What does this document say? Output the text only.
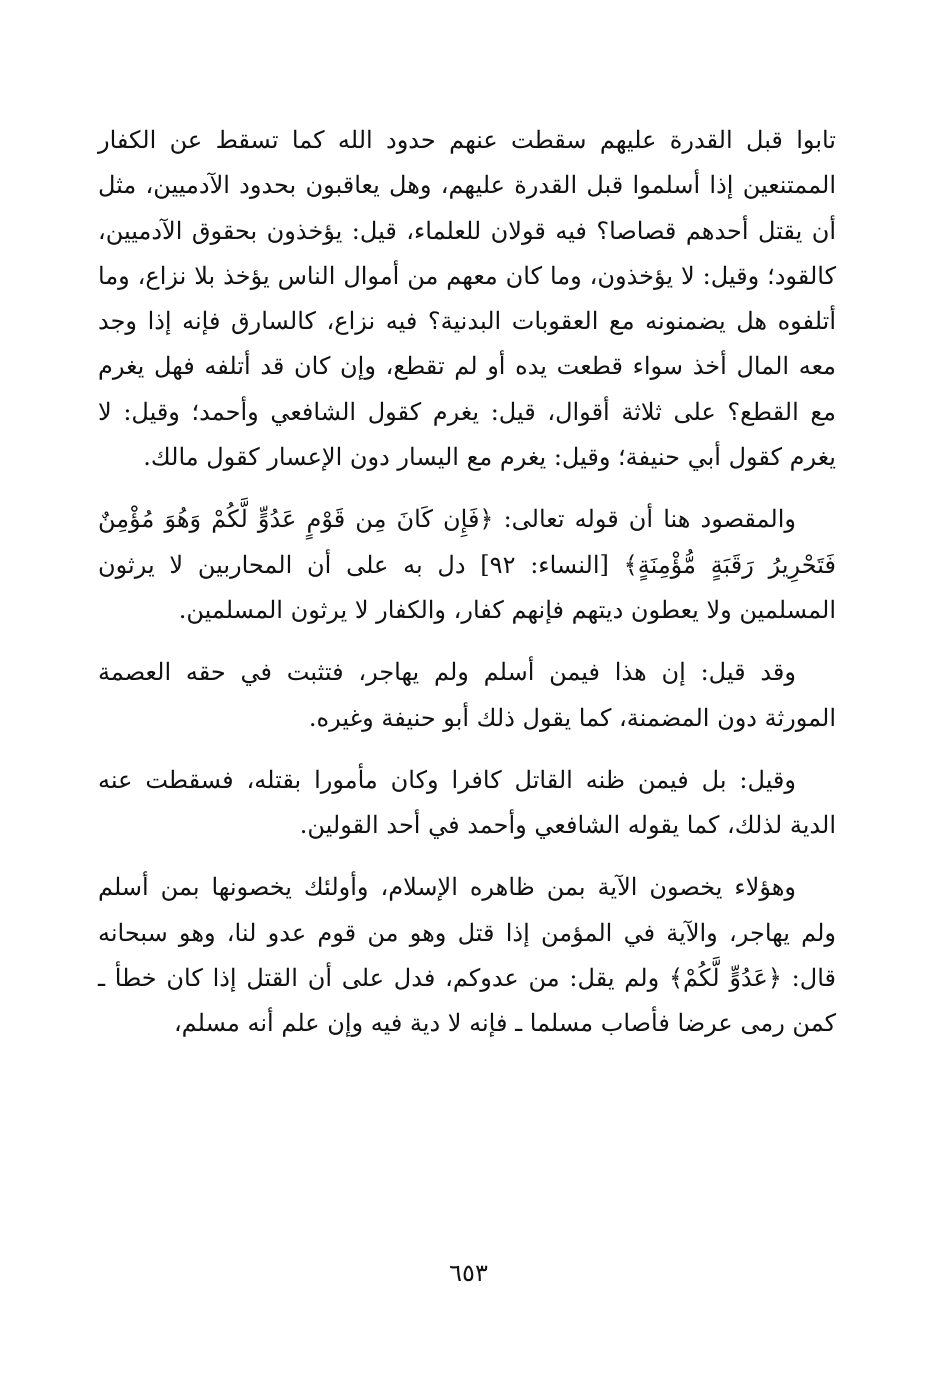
تابوا قبل القدرة عليهم سقطت عنهم حدود الله كما تسقط عن الكفار الممتنعين إذا أسلموا قبل القدرة عليهم، وهل يعاقبون بحدود الآدميين، مثل أن يقتل أحدهم قصاصا؟ فيه قولان للعلماء، قيل: يؤخذون بحقوق الآدميين، كالقود؛ وقيل: لا يؤخذون، وما كان معهم من أموال الناس يؤخذ بلا نزاع، وما أتلفوه هل يضمنونه مع العقوبات البدنية؟ فيه نزاع، كالسارق فإنه إذا وجد معه المال أخذ سواء قطعت يده أو لم تقطع، وإن كان قد أتلفه فهل يغرم مع القطع؟ على ثلاثة أقوال، قيل: يغرم كقول الشافعي وأحمد؛ وقيل: لا يغرم كقول أبي حنيفة؛ وقيل: يغرم مع اليسار دون الإعسار كقول مالك.

والمقصود هنا أن قوله تعالى: ﴿فَإِن كَانَ مِن قَوْمٍ عَدُوٍّ لَّكُمْ وَهُوَ مُؤْمِنٌ فَتَحْرِيرُ رَقَبَةٍ مُّؤْمِنَةٍ﴾ [النساء: ٩٢] دل به على أن المحاربين لا يرثون المسلمين ولا يعطون ديتهم فإنهم كفار، والكفار لا يرثون المسلمين.

وقد قيل: إن هذا فيمن أسلم ولم يهاجر، فتثبت في حقه العصمة المورثة دون المضمنة، كما يقول ذلك أبو حنيفة وغيره.

وقيل: بل فيمن ظنه القاتل كافرا وكان مأمورا بقتله، فسقطت عنه الدية لذلك، كما يقوله الشافعي وأحمد في أحد القولين.

وهؤلاء يخصون الآية بمن ظاهره الإسلام، وأولئك يخصونها بمن أسلم ولم يهاجر، والآية في المؤمن إذا قتل وهو من قوم عدو لنا، وهو سبحانه قال: ﴿عَدُوٍّ لَّكُمْ﴾ ولم يقل: من عدوكم، فدل على أن القتل إذا كان خطأ ـ كمن رمى عرضا فأصاب مسلما ـ فإنه لا دية فيه وإن علم أنه مسلم،

٦٥٣
